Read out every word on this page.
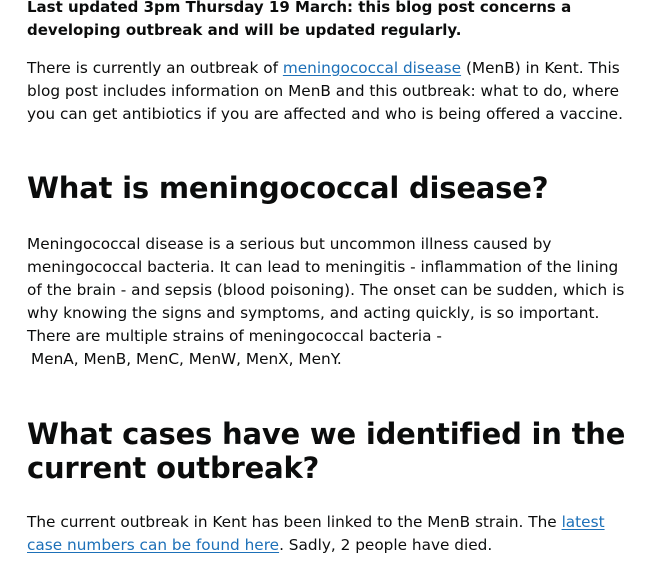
Last updated 3pm Thursday 19 March: this blog post concerns a developing outbreak and will be updated regularly.

There is currently an outbreak of meningococcal disease (MenB) in Kent. This blog post includes information on MenB and this outbreak: what to do, where you can get antibiotics if you are affected and who is being offered a vaccine.

What is meningococcal disease?

Meningococcal disease is a serious but uncommon illness caused by meningococcal bacteria. It can lead to meningitis - inflammation of the lining of the brain - and sepsis (blood poisoning). The onset can be sudden, which is why knowing the signs and symptoms, and acting quickly, is so important. There are multiple strains of meningococcal bacteria -
MenA, MenB, MenC, MenW, MenX, MenY.

What cases have we identified in the current outbreak?

The current outbreak in Kent has been linked to the MenB strain. The latest case numbers can be found here. Sadly, 2 people have died.
